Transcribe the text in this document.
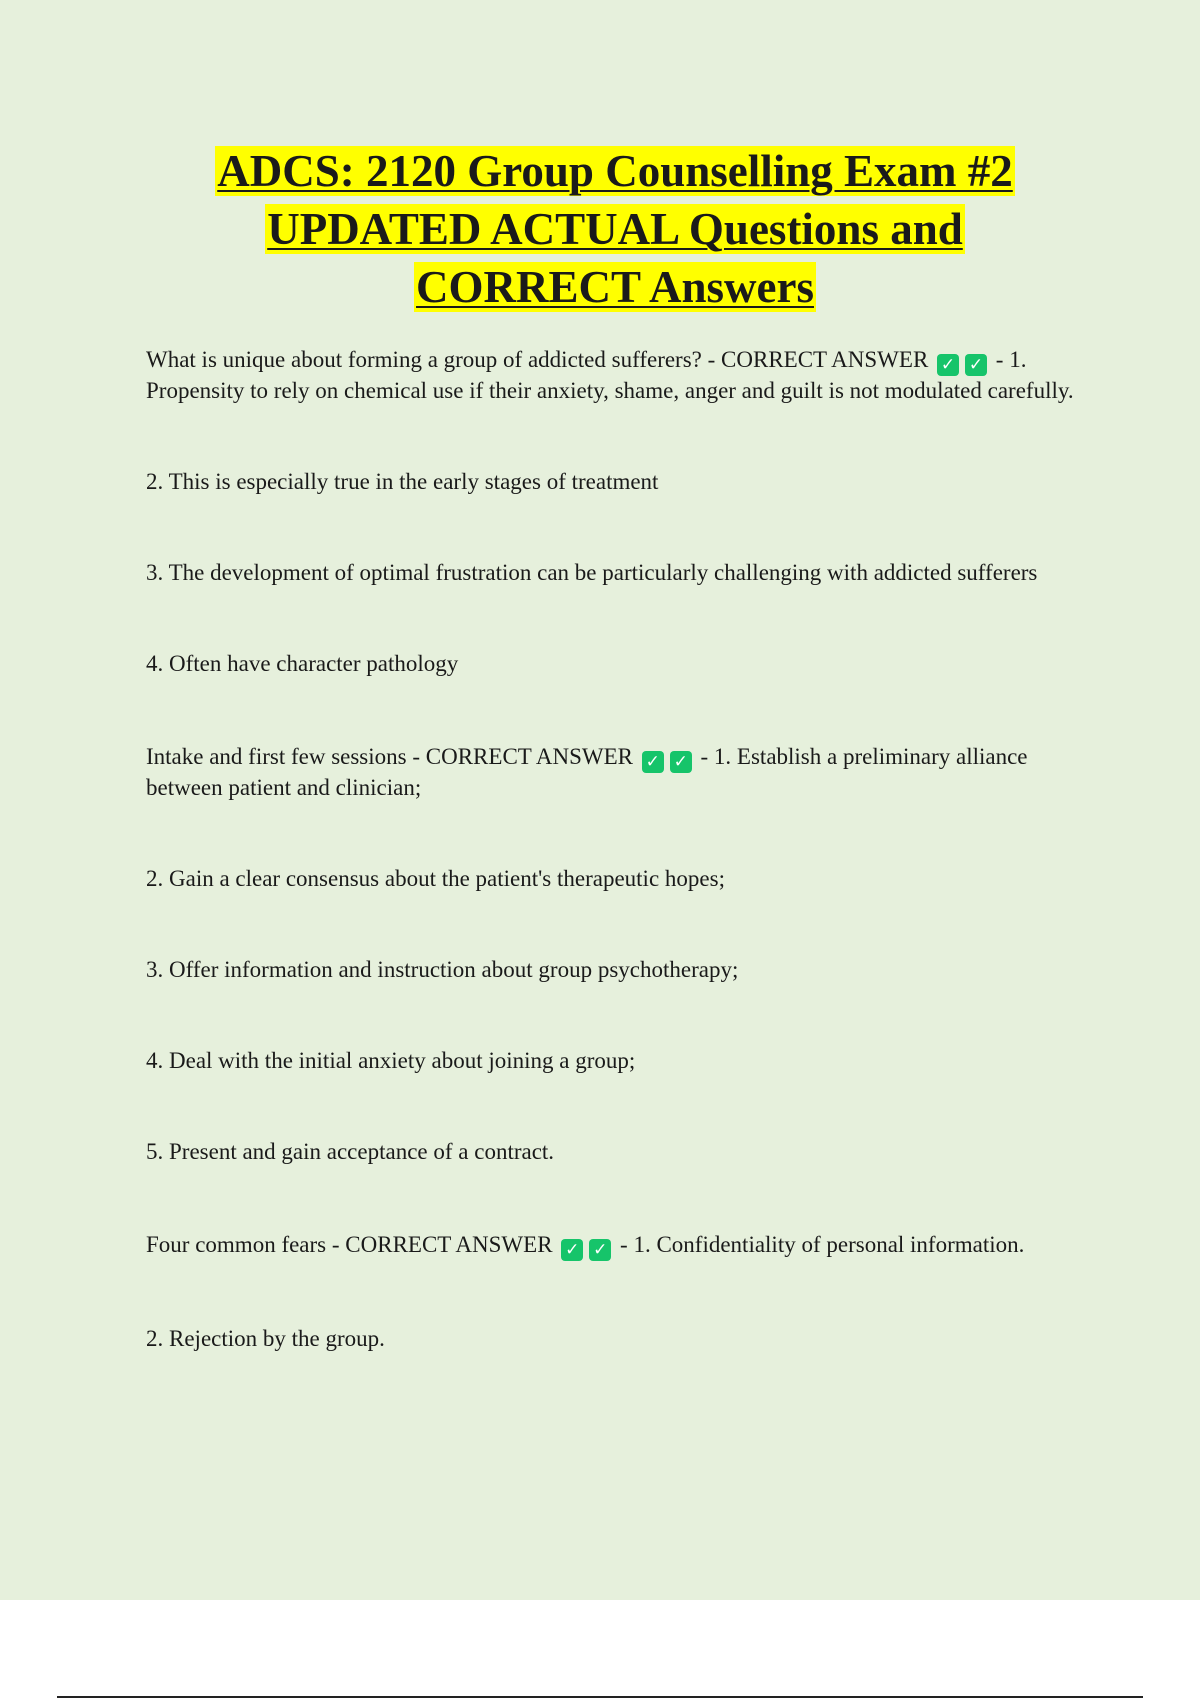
ADCS: 2120 Group Counselling Exam #2
UPDATED ACTUAL Questions and
CORRECT Answers

What is unique about forming a group of addicted sufferers? - CORRECT ANSWER ✓ ✓ - 1. Propensity to rely on chemical use if their anxiety, shame, anger and guilt is not modulated carefully.

2. This is especially true in the early stages of treatment

3. The development of optimal frustration can be particularly challenging with addicted sufferers

4. Often have character pathology

Intake and first few sessions - CORRECT ANSWER ✓ ✓ - 1. Establish a preliminary alliance between patient and clinician;

2. Gain a clear consensus about the patient's therapeutic hopes;

3. Offer information and instruction about group psychotherapy;

4. Deal with the initial anxiety about joining a group;

5. Present and gain acceptance of a contract.

Four common fears - CORRECT ANSWER ✓ ✓ - 1. Confidentiality of personal information.

2. Rejection by the group.
